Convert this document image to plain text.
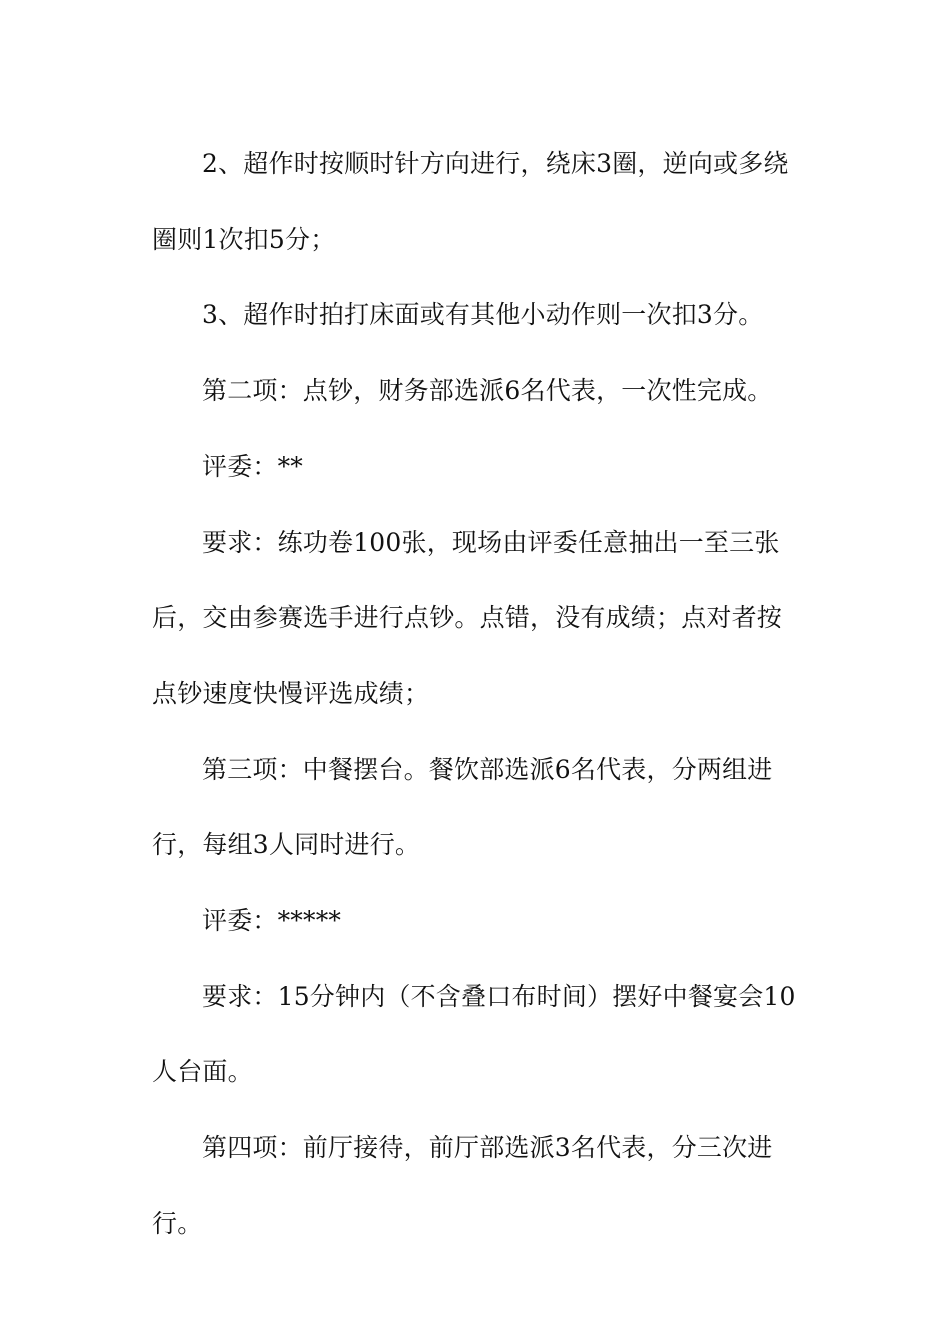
2、超作时按顺时针方向进行，绕床3圈，逆向或多绕
圈则1次扣5分；
3、超作时拍打床面或有其他小动作则一次扣3分。
第二项：点钞，财务部选派6名代表，一次性完成。
评委：**
要求：练功卷100张，现场由评委任意抽出一至三张
后，交由参赛选手进行点钞。点错，没有成绩；点对者按
点钞速度快慢评选成绩；
第三项：中餐摆台。餐饮部选派6名代表，分两组进
行，每组3人同时进行。
评委：*****
要求：15分钟内（不含叠口布时间）摆好中餐宴会10
人台面。
第四项：前厅接待，前厅部选派3名代表，分三次进
行。
